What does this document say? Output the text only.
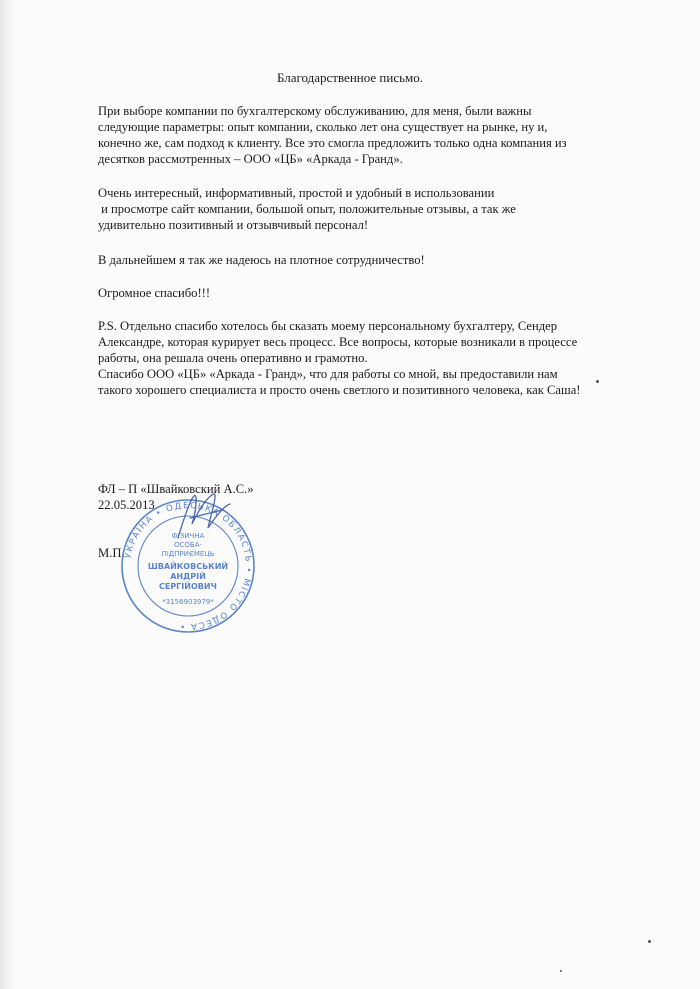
Благодарственное письмо.

При выборе компании по бухгалтерскому обслуживанию, для меня, были важны
следующие параметры: опыт компании, сколько лет она существует на рынке, ну и,
конечно же, сам подход к клиенту. Все это смогла предложить только одна компания из
десятков рассмотренных – ООО «ЦБ» «Аркада - Гранд».

Очень интересный, информативный, простой и удобный в использовании
и просмотре сайт компании, большой опыт, положительные отзывы, а так же
удивительно позитивный и отзывчивый персонал!

В дальнейшем я так же надеюсь на плотное сотрудничество!

Огромное спасибо!!!

P.S. Отдельно спасибо хотелось бы сказать моему персональному бухгалтеру, Сендер
Александре, которая курирует весь процесс. Все вопросы, которые возникали в процессе
работы, она решала очень оперативно и грамотно.
Спасибо ООО «ЦБ» «Аркада - Гранд», что для работы со мной, вы предоставили нам
такого хорошего специалиста и просто очень светлого и позитивного человека, как Саша!

ФЛ – П «Швайковский А.С.»
22.05.2013
М.П.
УКРАЇНА • ОДЕСЬКА ОБЛАСТЬ • МІСТО ОДЕСА •
ФІЗИЧНА
ОСОБА-
ПІДПРИЄМЕЦЬ
ШВАЙКОВСЬКИЙ
АНДРІЙ
СЕРГІЙОВИЧ
*3156903979*
